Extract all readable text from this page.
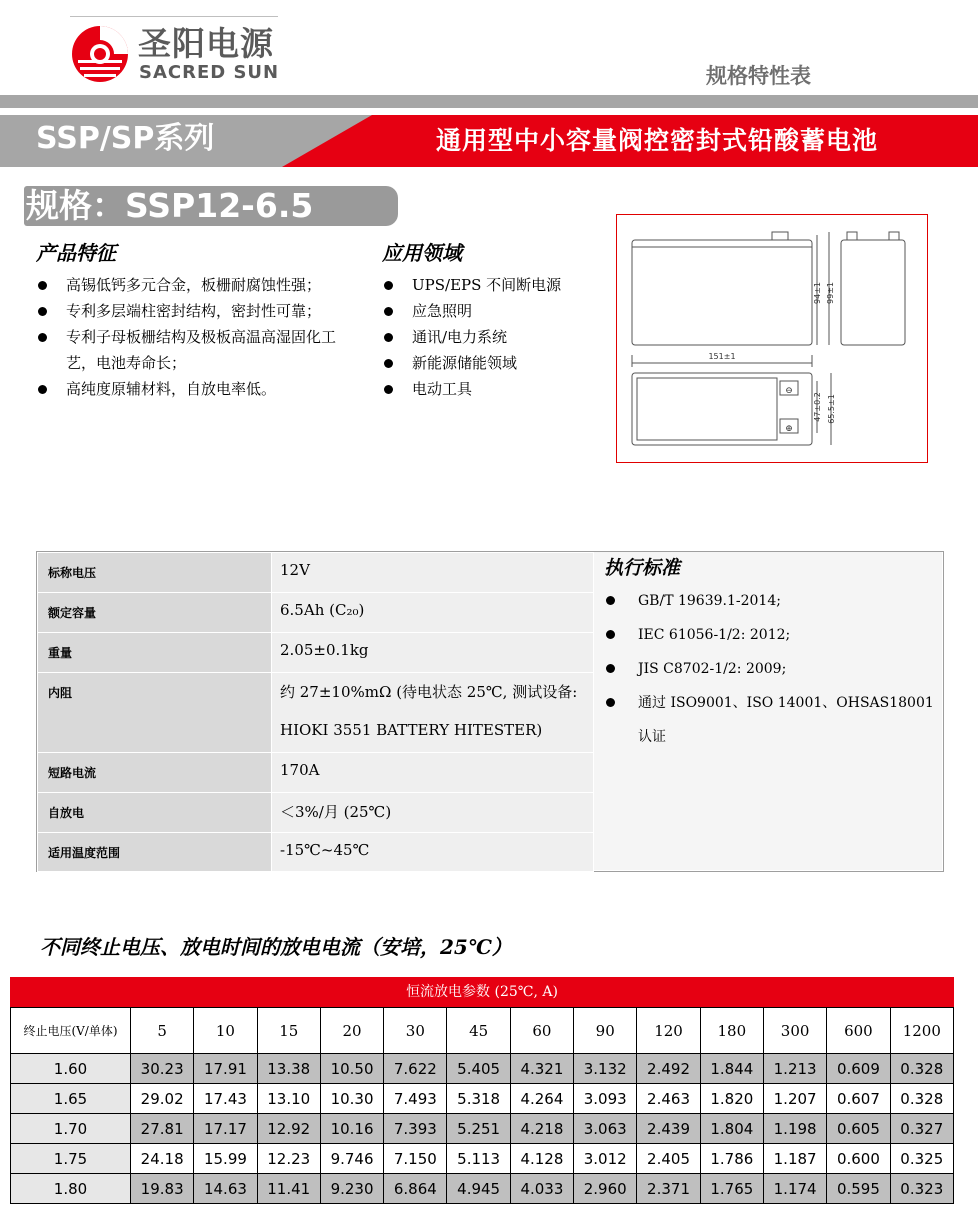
圣阳电源
SACRED SUN	规格特性表
SSP/SP系列	通用型中小容量阀控密封式铅酸蓄电池
规格：SSP12-6.5
产品特征
高锡低钙多元合金，板栅耐腐蚀性强；
专利多层端柱密封结构，密封性可靠；
专利子母板栅结构及极板高温高湿固化工艺，电池寿命长；
高纯度原辅材料，自放电率低。
应用领域
UPS/EPS 不间断电源
应急照明
通讯/电力系统
新能源储能领域
电动工具	⊖
⊕
151±1
94±1 99±1
47±0.2 65.5±1
标称电压	12V
额定容量	6.5Ah (C₂₀)
重量	2.05±0.1kg
内阻	约 27±10%mΩ (待电状态 25℃, 测试设备: HIOKI 3551 BATTERY HITESTER)
短路电流	170A
自放电	＜3%/月 (25℃)
适用温度范围	-15℃~45℃
执行标准
GB/T 19639.1-2014;
IEC 61056-1/2: 2012;
JIS C8702-1/2: 2009;
通过 ISO9001、ISO 14001、OHSAS18001 认证
不同终止电压、放电时间的放电电流（安培，25℃）
恒流放电参数 (25℃, A)
终止电压(V/单体)	5	10	15	20	30	45	60	90	120	180	300	600	1200
1.60	30.23	17.91	13.38	10.50	7.622	5.405	4.321	3.132	2.492	1.844	1.213	0.609	0.328
1.65	29.02	17.43	13.10	10.30	7.493	5.318	4.264	3.093	2.463	1.820	1.207	0.607	0.328
1.70	27.81	17.17	12.92	10.16	7.393	5.251	4.218	3.063	2.439	1.804	1.198	0.605	0.327
1.75	24.18	15.99	12.23	9.746	7.150	5.113	4.128	3.012	2.405	1.786	1.187	0.600	0.325
1.80	19.83	14.63	11.41	9.230	6.864	4.945	4.033	2.960	2.371	1.765	1.174	0.595	0.323
